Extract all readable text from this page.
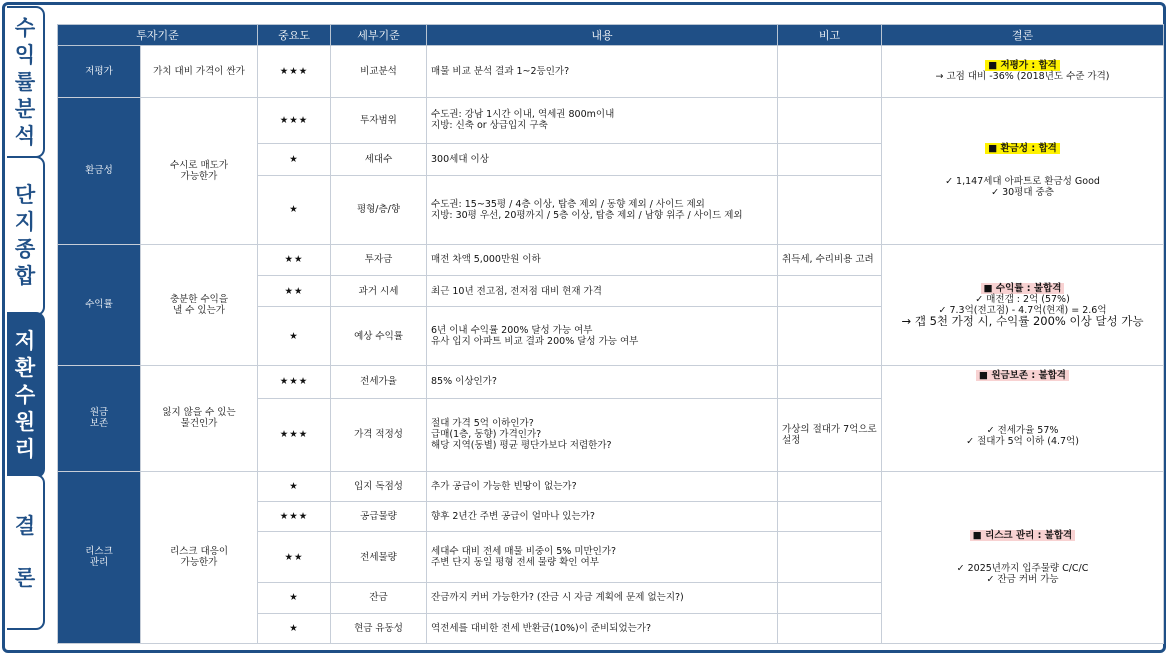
수익률분석
단지종합
저환수원리
결론
투자기준		중요도	세부기준	내용	비고	결론
저평가	가치 대비 가격이 싼가	★★★	비교분석	매물 비교 분석 결과 1~2등인가?		■ 저평가 : 합격
→ 고점 대비 -36% (2018년도 수준 가격)

환금성	수시로 매도가
가능한가	★★★	투자범위	수도권: 강남 1시간 이내, 역세권 800m이내
지방: 신축 or 상급입지 구축		■ 환금성 : 합격
✓ 1,147세대 아파트로 환금성 Good
✓ 30평대 중층

		★	세대수	300세대 이상		

		★	평형/층/향	수도권: 15~35평 / 4층 이상, 탑층 제외 / 동향 제외 / 사이드 제외
지방: 30평 우선, 20평까지 / 5층 이상, 탑층 제외 / 남향 위주 / 사이드 제외		

수익률	충분한 수익을
낼 수 있는가	★★	투자금	매전 차액 5,000만원 이하	취득세, 수리비용 고려	■ 수익률 : 불합격
✓ 매전갭 : 2억 (57%)
✓ 7.3억(전고점) - 4.7억(현재) = 2.6억
→ 갭 5천 가정 시, 수익률 200% 이상 달성 가능

		★★	과거 시세	최근 10년 전고점, 전저점 대비 현재 가격		

		★	예상 수익률	6년 이내 수익률 200% 달성 가능 여부
유사 입지 아파트 비교 결과 200% 달성 가능 여부		

원금
보존	잃지 않을 수 있는
물건인가	★★★	전세가율	85% 이상인가?		■ 원금보존 : 불합격
✓ 전세가율 57%
✓ 절대가 5억 이하 (4.7억)

		★★★	가격 적정성	절대 가격 5억 이하인가?
급매(1층, 동향) 가격인가?
해당 지역(동별) 평균 평단가보다 저렴한가?	가상의 절대가 7억으로
설정	

리스크
관리	리스크 대응이
가능한가	★	입지 독점성	추가 공급이 가능한 빈땅이 없는가?		■ 리스크 관리 : 불합격
✓ 2025년까지 입주물량 C/C/C
✓ 잔금 커버 가능

		★★★	공급물량	향후 2년간 주변 공급이 얼마나 있는가?		

		★★	전세물량	세대수 대비 전세 매물 비중이 5% 미만인가?
주변 단지 동일 평형 전세 물량 확인 여부		

		★	잔금	잔금까지 커버 가능한가? (잔금 시 자금 계획에 문제 없는지?)		

		★	현금 유동성	역전세를 대비한 전세 반환금(10%)이 준비되었는가?		
